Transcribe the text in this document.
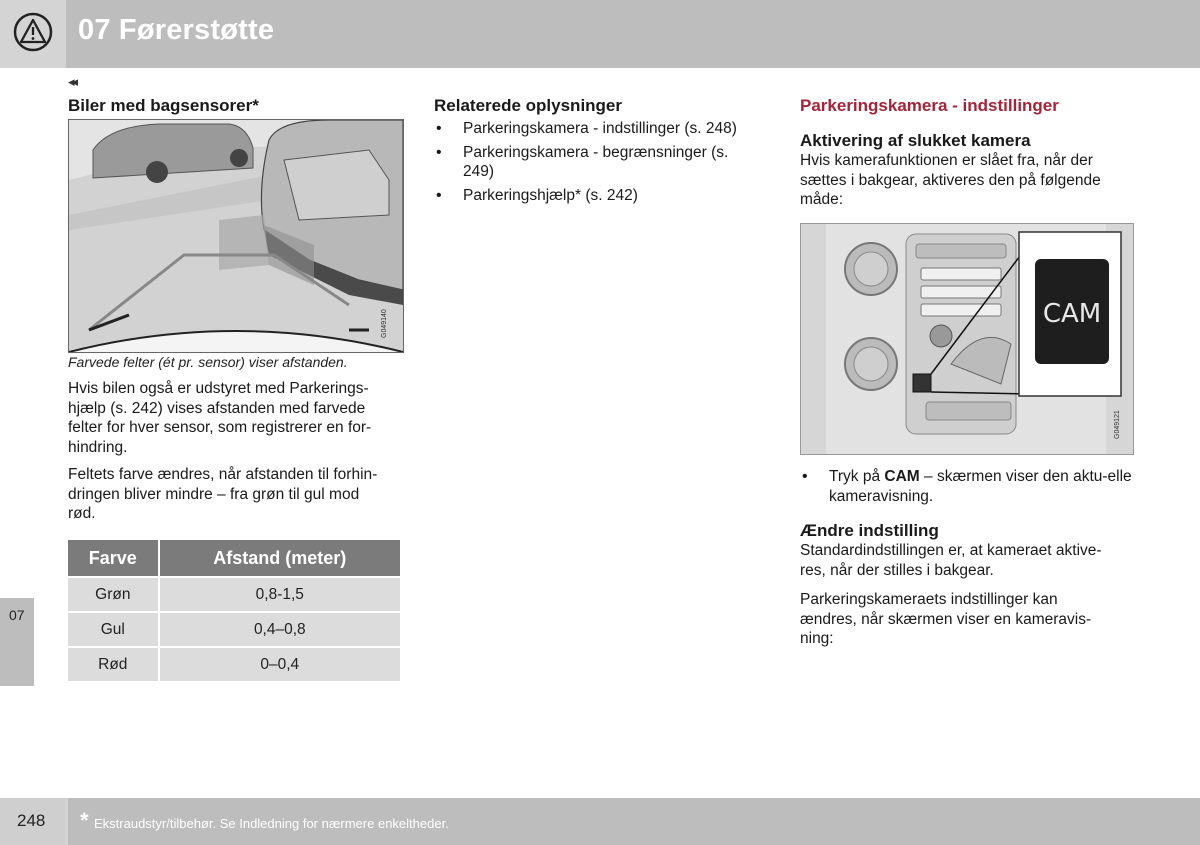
07 Førerstøtte
◂◂
07
Biler med bagsensorer*
G049140
Farvede felter (ét pr. sensor) viser afstanden.

Hvis bilen også er udstyret med Parkerings-hjælp (s. 242) vises afstanden med farvede felter for hver sensor, som registrerer en for-hindring.

Feltets farve ændres, når afstanden til forhin-dringen bliver mindre – fra grøn til gul mod rød.

Farve	Afstand (meter)
Grøn	0,8-1,5
Gul	0,4–0,8
Rød	0–0,4
Relaterede oplysninger
• Parkeringskamera - indstillinger (s. 248)
• Parkeringskamera - begrænsninger (s. 249)
• Parkeringshjælp* (s. 242)
Parkeringskamera - indstillinger
Aktivering af slukket kamera

Hvis kamerafunktionen er slået fra, når der sættes i bakgear, aktiveres den på følgende måde:

CAM
G049121
• Tryk på CAM – skærmen viser den aktu-elle kameravisning.
Ændre indstilling

Standardindstillingen er, at kameraet aktive-res, når der stilles i bakgear.

Parkeringskameraets indstillinger kan ændres, når skærmen viser en kameravis-ning:

248 * Ekstraudstyr/tilbehør. Se Indledning for nærmere enkeltheder.
